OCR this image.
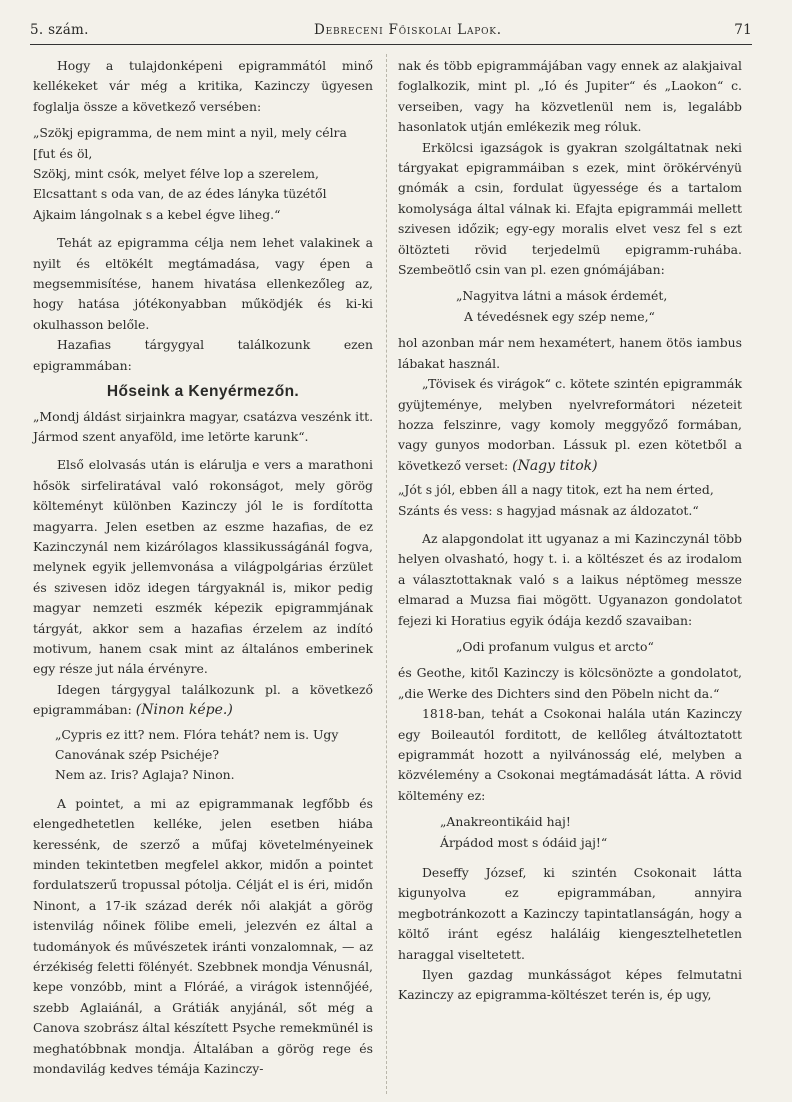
5. szám.	Debreceni Főiskolai Lapok.	71

Hogy a tulajdonképeni epigrammától minő kellékeket vár még a kritika, Kazinczy ügyesen foglalja össze a következő versében:

„Szökj epigramma, de nem mint a nyil, mely célra

[fut és öl,

Szökj, mint csók, melyet félve lop a szerelem,

Elcsattant s oda van, de az édes lányka tüzétől

Ajkaim lángolnak s a kebel égve liheg.“

Tehát az epigramma célja nem lehet valakinek a nyilt és eltökélt megtámadása, vagy épen a megsemmisítése, hanem hivatása ellenkezőleg az, hogy hatása jótékonyabban működjék és ki-ki okulhasson belőle.

Hazafias tárgygyal találkozunk ezen epigrammában:

Hőseink a Kenyérmezőn.

„Mondj áldást sirjainkra magyar, csatázva veszénk itt.

Jármod szent anyaföld, ime letörte karunk“.

Első elolvasás után is elárulja e vers a marathoni hősök sirfeliratával való rokonságot, mely görög költeményt különben Kazinczy jól le is fordította magyarra. Jelen esetben az eszme hazafias, de ez Kazinczynál nem kizárólagos klassikusságánál fogva, melynek egyik jellemvonása a világpolgárias érzület és szivesen idöz idegen tárgyaknál is, mikor pedig magyar nemzeti eszmék képezik epigrammjának tárgyát, akkor sem a hazafias érzelem az indító motivum, hanem csak mint az általános emberinek egy része jut nála érvényre.

Idegen tárgygyal találkozunk pl. a következő epigrammában: (Ninon képe.)

„Cypris ez itt? nem. Flóra tehát? nem is. Ugy

Canovának szép Psichéje?

Nem az. Iris? Aglaja? Ninon.

A pointet, a mi az epigrammanak legfőbb és elengedhetetlen kelléke, jelen esetben hiába keressénk, de szerző a műfaj követelményeinek minden tekintetben megfelel akkor, midőn a pointet fordulatszerű tropussal pótolja. Célját el is éri, midőn Ninont, a 17-ik század derék női alakját a görög istenvilág nőinek fölibe emeli, jelezvén ez által a tudományok és művészetek iránti vonzalomnak, — az érzékiség feletti fölényét. Szebbnek mondja Vénusnál, kepe vonzóbb, mint a Flóráé, a virágok istennőjéé, szebb Aglaiánál, a Grátiák anyjánál, sőt még a Canova szobrász által készített Psyche remekmünél is meghatóbbnak mondja. Általában a görög rege és mondavilág kedves témája Kazinczy-

nak és több epigrammájában vagy ennek az alakjaival foglalkozik, mint pl. „Ió és Jupiter“ és „Laokon“ c. verseiben, vagy ha közvetlenül nem is, legalább hasonlatok utján emlékezik meg róluk.

Erkölcsi igazságok is gyakran szolgáltatnak neki tárgyakat epigrammáiban s ezek, mint örökérvényü gnómák a csin, fordulat ügyessége és a tartalom komolysága által válnak ki. Efajta epigrammái mellett szivesen időzik; egy-egy moralis elvet vesz fel s ezt öltözteti rövid terjedelmü epigramm-ruhába. Szembeötlő csin van pl. ezen gnómájában:

„Nagyitva látni a mások érdemét,

A tévedésnek egy szép neme,“

hol azonban már nem hexamétert, hanem ötös iambus lábakat használ.

„Tövisek és virágok“ c. kötete szintén epigrammák gyüjteménye, melyben nyelvreformátori nézeteit hozza felszinre, vagy komoly meggyőző formában, vagy gunyos modorban. Lássuk pl. ezen kötetből a következő verset: (Nagy titok)

„Jót s jól, ebben áll a nagy titok, ezt ha nem érted,

Szánts és vess: s hagyjad másnak az áldozatot.“

Az alapgondolat itt ugyanaz a mi Kazinczynál több helyen olvasható, hogy t. i. a költészet és az irodalom a választottaknak való s a laikus néptömeg messze elmarad a Muzsa fiai mögött. Ugyanazon gondolatot fejezi ki Horatius egyik ódája kezdő szavaiban:

„Odi profanum vulgus et arcto“

és Geothe, kitől Kazinczy is kölcsönözte a gondolatot, „die Werke des Dichters sind den Pöbeln nicht da.“

1818-ban, tehát a Csokonai halála után Kazinczy egy Boileautól forditott, de kellőleg átváltoztatott epigrammát hozott a nyilvánosság elé, melyben a közvélemény a Csokonai megtámadását látta. A rövid költemény ez:

„Anakreontikáid haj!

Árpádod most s ódáid jaj!“

Deseffy József, ki szintén Csokonait látta kigunyolva ez epigrammában, annyira megbotránkozott a Kazinczy tapintatlanságán, hogy a költő iránt egész haláláig kiengesztelhetetlen haraggal viseltetett.

Ilyen gazdag munkásságot képes felmutatni Kazinczy az epigramma-költészet terén is, ép ugy,
